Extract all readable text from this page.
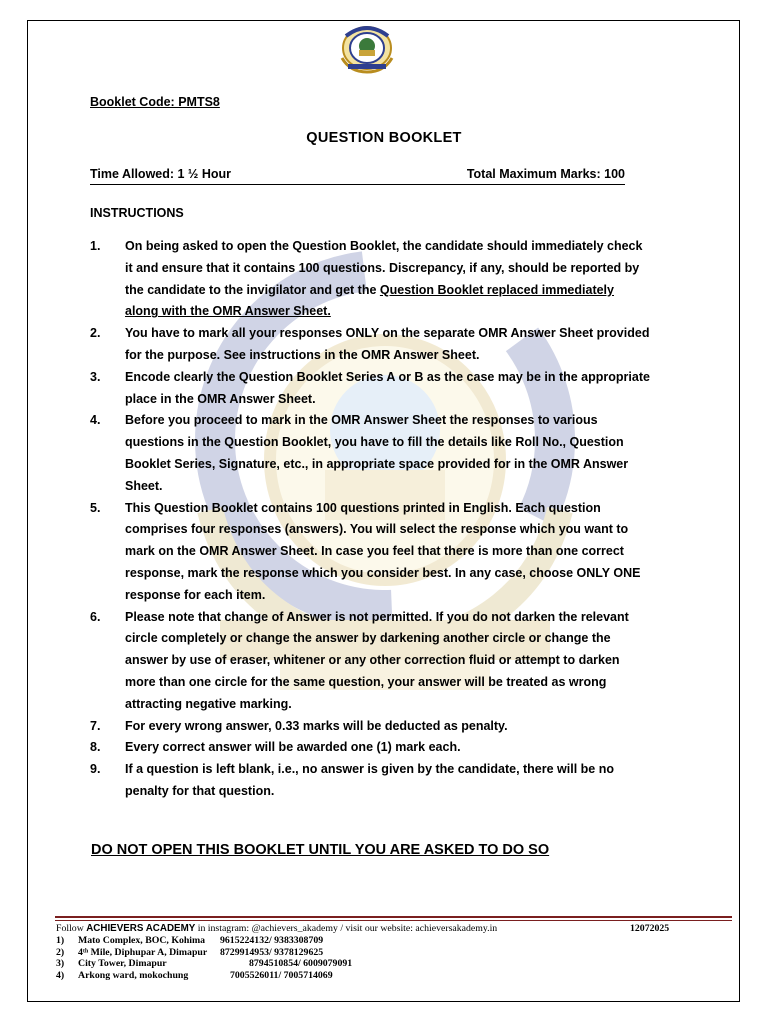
Booklet Code: PMTS8
QUESTION BOOKLET
Time Allowed: 1 ½ Hour	Total Maximum Marks: 100
INSTRUCTIONS
1. On being asked to open the Question Booklet, the candidate should immediately check it and ensure that it contains 100 questions. Discrepancy, if any, should be reported by the candidate to the invigilator and get the Question Booklet replaced immediately along with the OMR Answer Sheet.
2. You have to mark all your responses ONLY on the separate OMR Answer Sheet provided for the purpose. See instructions in the OMR Answer Sheet.
3. Encode clearly the Question Booklet Series A or B as the case may be in the appropriate place in the OMR Answer Sheet.
4. Before you proceed to mark in the OMR Answer Sheet the responses to various questions in the Question Booklet, you have to fill the details like Roll No., Question Booklet Series, Signature, etc., in appropriate space provided for in the OMR Answer Sheet.
5. This Question Booklet contains 100 questions printed in English. Each question comprises four responses (answers). You will select the response which you want to mark on the OMR Answer Sheet. In case you feel that there is more than one correct response, mark the response which you consider best. In any case, choose ONLY ONE response for each item.
6. Please note that change of Answer is not permitted. If you do not darken the relevant circle completely or change the answer by darkening another circle or change the answer by use of eraser, whitener or any other correction fluid or attempt to darken more than one circle for the same question, your answer will be treated as wrong attracting negative marking.
7. For every wrong answer, 0.33 marks will be deducted as penalty.
8. Every correct answer will be awarded one (1) mark each.
9. If a question is left blank, i.e., no answer is given by the candidate, there will be no penalty for that question.
DO NOT OPEN THIS BOOKLET UNTIL YOU ARE ASKED TO DO SO
Follow ACHIEVERS ACADEMY in instagram: @achievers_akademy / visit our website: achieversakademy.in	12072025
1) Mato Complex, BOC, Kohima 9615224132/ 9383308709
2) 4ᵗʰ Mile, Diphupar A, Dimapur 8729914953/ 9378129625
3) City Tower, Dimapur	8794510854/ 6009079091
4) Arkong ward, mokochung	7005526011/ 7005714069
